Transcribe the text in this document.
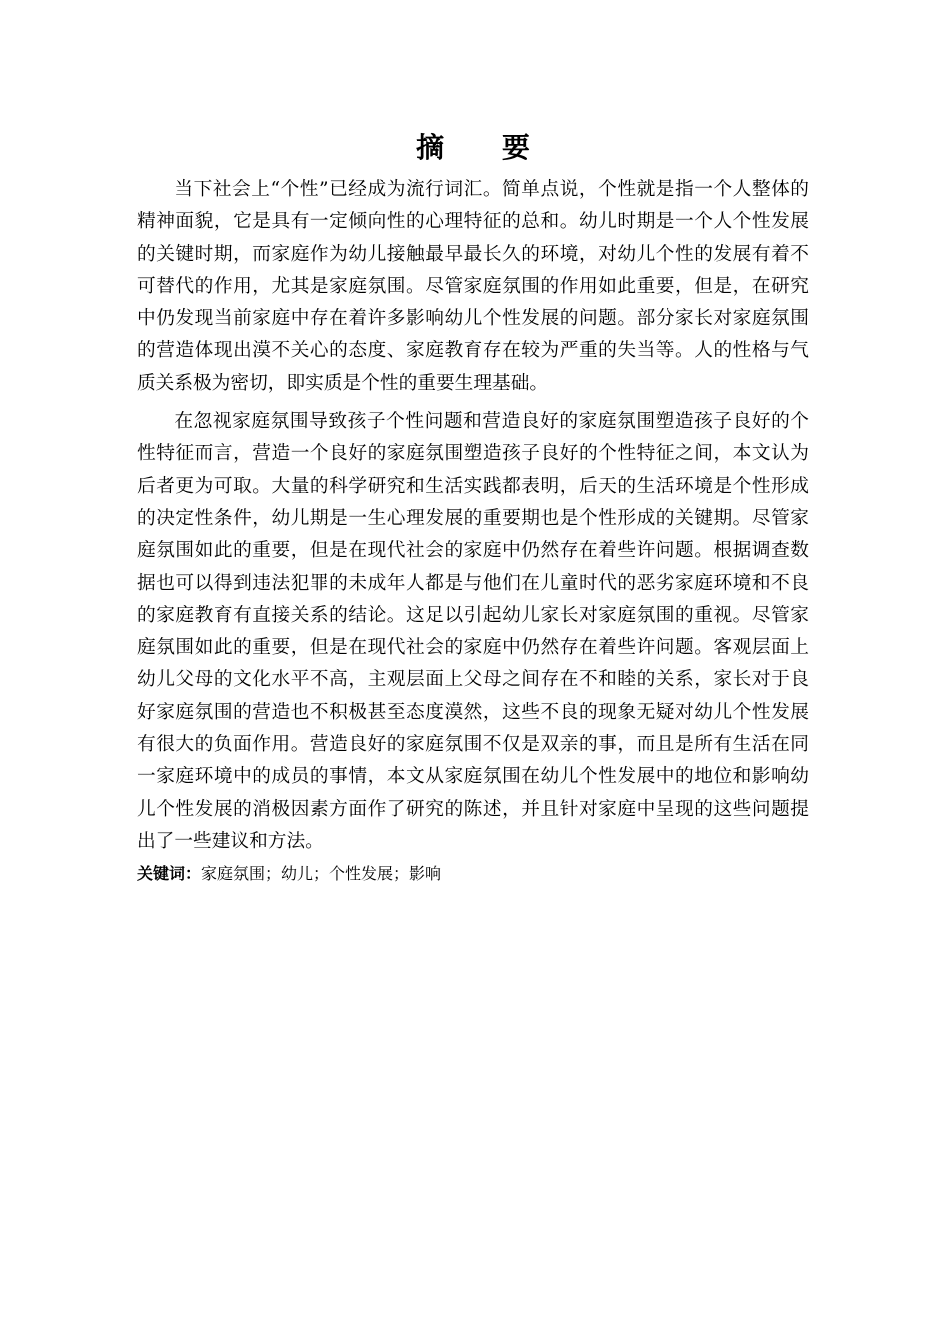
摘 要

当下社会上“个性”已经成为流行词汇。简单点说，个性就是指一个人整体的精神面貌，它是具有一定倾向性的心理特征的总和。幼儿时期是一个人个性发展的关键时期，而家庭作为幼儿接触最早最长久的环境，对幼儿个性的发展有着不可替代的作用，尤其是家庭氛围。尽管家庭氛围的作用如此重要，但是，在研究中仍发现当前家庭中存在着许多影响幼儿个性发展的问题。部分家长对家庭氛围的营造体现出漠不关心的态度、家庭教育存在较为严重的失当等。人的性格与气质关系极为密切，即实质是个性的重要生理基础。

在忽视家庭氛围导致孩子个性问题和营造良好的家庭氛围塑造孩子良好的个性特征而言，营造一个良好的家庭氛围塑造孩子良好的个性特征之间，本文认为后者更为可取。大量的科学研究和生活实践都表明，后天的生活环境是个性形成的决定性条件，幼儿期是一生心理发展的重要期也是个性形成的关键期。尽管家庭氛围如此的重要，但是在现代社会的家庭中仍然存在着些许问题。根据调查数据也可以得到违法犯罪的未成年人都是与他们在儿童时代的恶劣家庭环境和不良的家庭教育有直接关系的结论。这足以引起幼儿家长对家庭氛围的重视。尽管家庭氛围如此的重要，但是在现代社会的家庭中仍然存在着些许问题。客观层面上幼儿父母的文化水平不高，主观层面上父母之间存在不和睦的关系，家长对于良好家庭氛围的营造也不积极甚至态度漠然，这些不良的现象无疑对幼儿个性发展有很大的负面作用。营造良好的家庭氛围不仅是双亲的事，而且是所有生活在同一家庭环境中的成员的事情，本文从家庭氛围在幼儿个性发展中的地位和影响幼儿个性发展的消极因素方面作了研究的陈述，并且针对家庭中呈现的这些问题提出了一些建议和方法。

关键词：家庭氛围；幼儿；个性发展；影响
